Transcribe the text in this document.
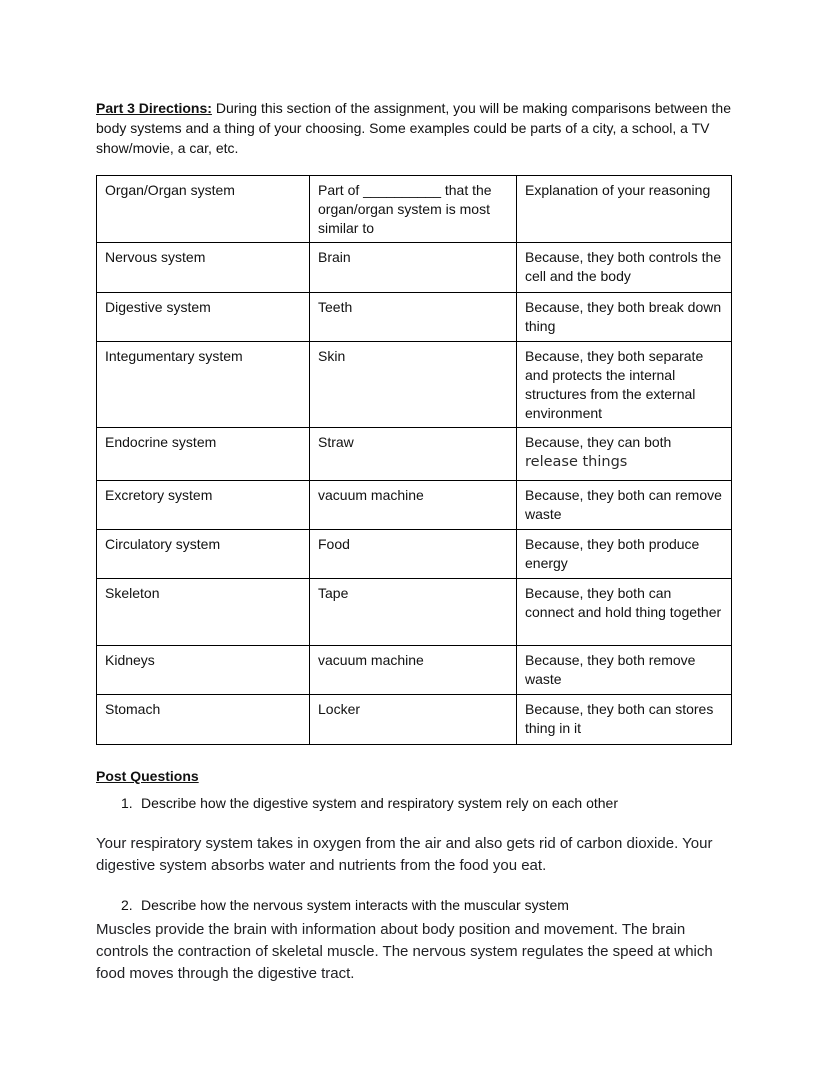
Part 3 Directions: During this section of the assignment, you will be making comparisons between the body systems and a thing of your choosing. Some examples could be parts of a city, a school, a TV show/movie, a car, etc.

Organ/Organ system	Part of __________ that the organ/organ system is most similar to	Explanation of your reasoning
Nervous system	Brain	Because, they both controls the cell and the body
Digestive system	Teeth	Because, they both break down thing
Integumentary system	Skin	Because, they both separate and protects the internal structures from the external environment
Endocrine system	Straw	Because, they can both release things
Excretory system	vacuum machine	Because, they both can remove waste
Circulatory system	Food	Because, they both produce energy
Skeleton	Tape	Because, they both can connect and hold thing together
Kidneys	vacuum machine	Because, they both remove waste
Stomach	Locker	Because, they both can stores thing in it
Post Questions

1. Describe how the digestive system and respiratory system rely on each other

Your respiratory system takes in oxygen from the air and also gets rid of carbon dioxide. Your digestive system absorbs water and nutrients from the food you eat.

2. Describe how the nervous system interacts with the muscular system

Muscles provide the brain with information about body position and movement. The brain controls the contraction of skeletal muscle. The nervous system regulates the speed at which food moves through the digestive tract.
